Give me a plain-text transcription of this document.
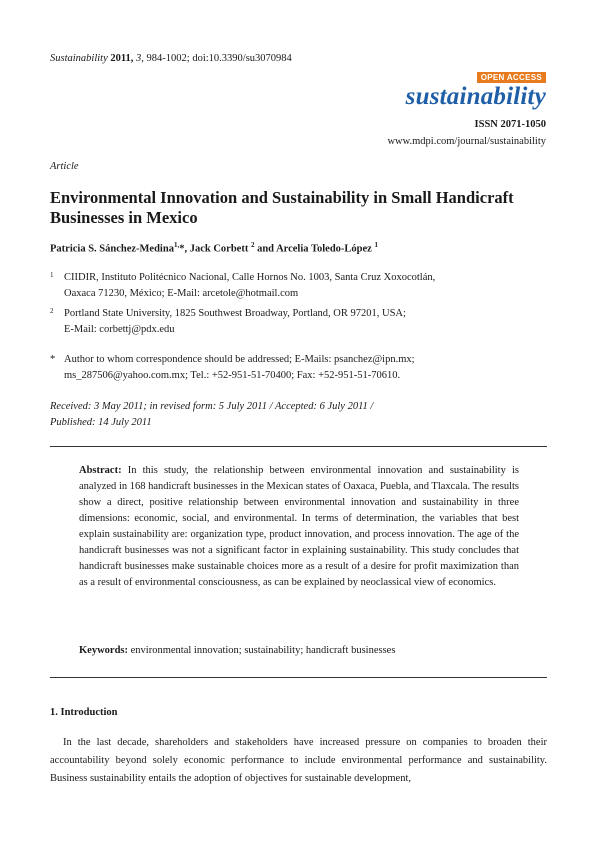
Sustainability 2011, 3, 984-1002; doi:10.3390/su3070984
OPEN ACCESS
sustainability
ISSN 2071-1050
www.mdpi.com/journal/sustainability
Article
Environmental Innovation and Sustainability in Small Handicraft Businesses in Mexico
Patricia S. Sánchez-Medina$^{1,}$*, Jack Corbett $^2$ and Arcelia Toledo-López $^1$
1 CIIDIR, Instituto Politécnico Nacional, Calle Hornos No. 1003, Santa Cruz Xoxocotlán,
Oaxaca 71230, México; E-Mail: arcetole@hotmail.com
2 Portland State University, 1825 Southwest Broadway, Portland, OR 97201, USA;
E-Mail: corbettj@pdx.edu
* Author to whom correspondence should be addressed; E-Mails: psanchez@ipn.mx;
ms_287506@yahoo.com.mx; Tel.: +52-951-51-70400; Fax: +52-951-51-70610.
Received: 3 May 2011; in revised form: 5 July 2011 / Accepted: 6 July 2011 /
Published: 14 July 2011
Abstract: In this study, the relationship between environmental innovation and sustainability is analyzed in 168 handicraft businesses in the Mexican states of Oaxaca, Puebla, and Tlaxcala. The results show a direct, positive relationship between environmental innovation and sustainability in three dimensions: economic, social, and environmental. In terms of determination, the variables that best explain sustainability are: organization type, product innovation, and process innovation. The age of the handicraft businesses was not a significant factor in explaining sustainability. This study concludes that handicraft businesses make sustainable choices more as a result of a desire for profit maximization than as a result of environmental consciousness, as can be explained by neoclassical view of economics.
Keywords: environmental innovation; sustainability; handicraft businesses
1. Introduction
In the last decade, shareholders and stakeholders have increased pressure on companies to broaden their accountability beyond solely economic performance to include environmental performance and sustainability. Business sustainability entails the adoption of objectives for sustainable development,
